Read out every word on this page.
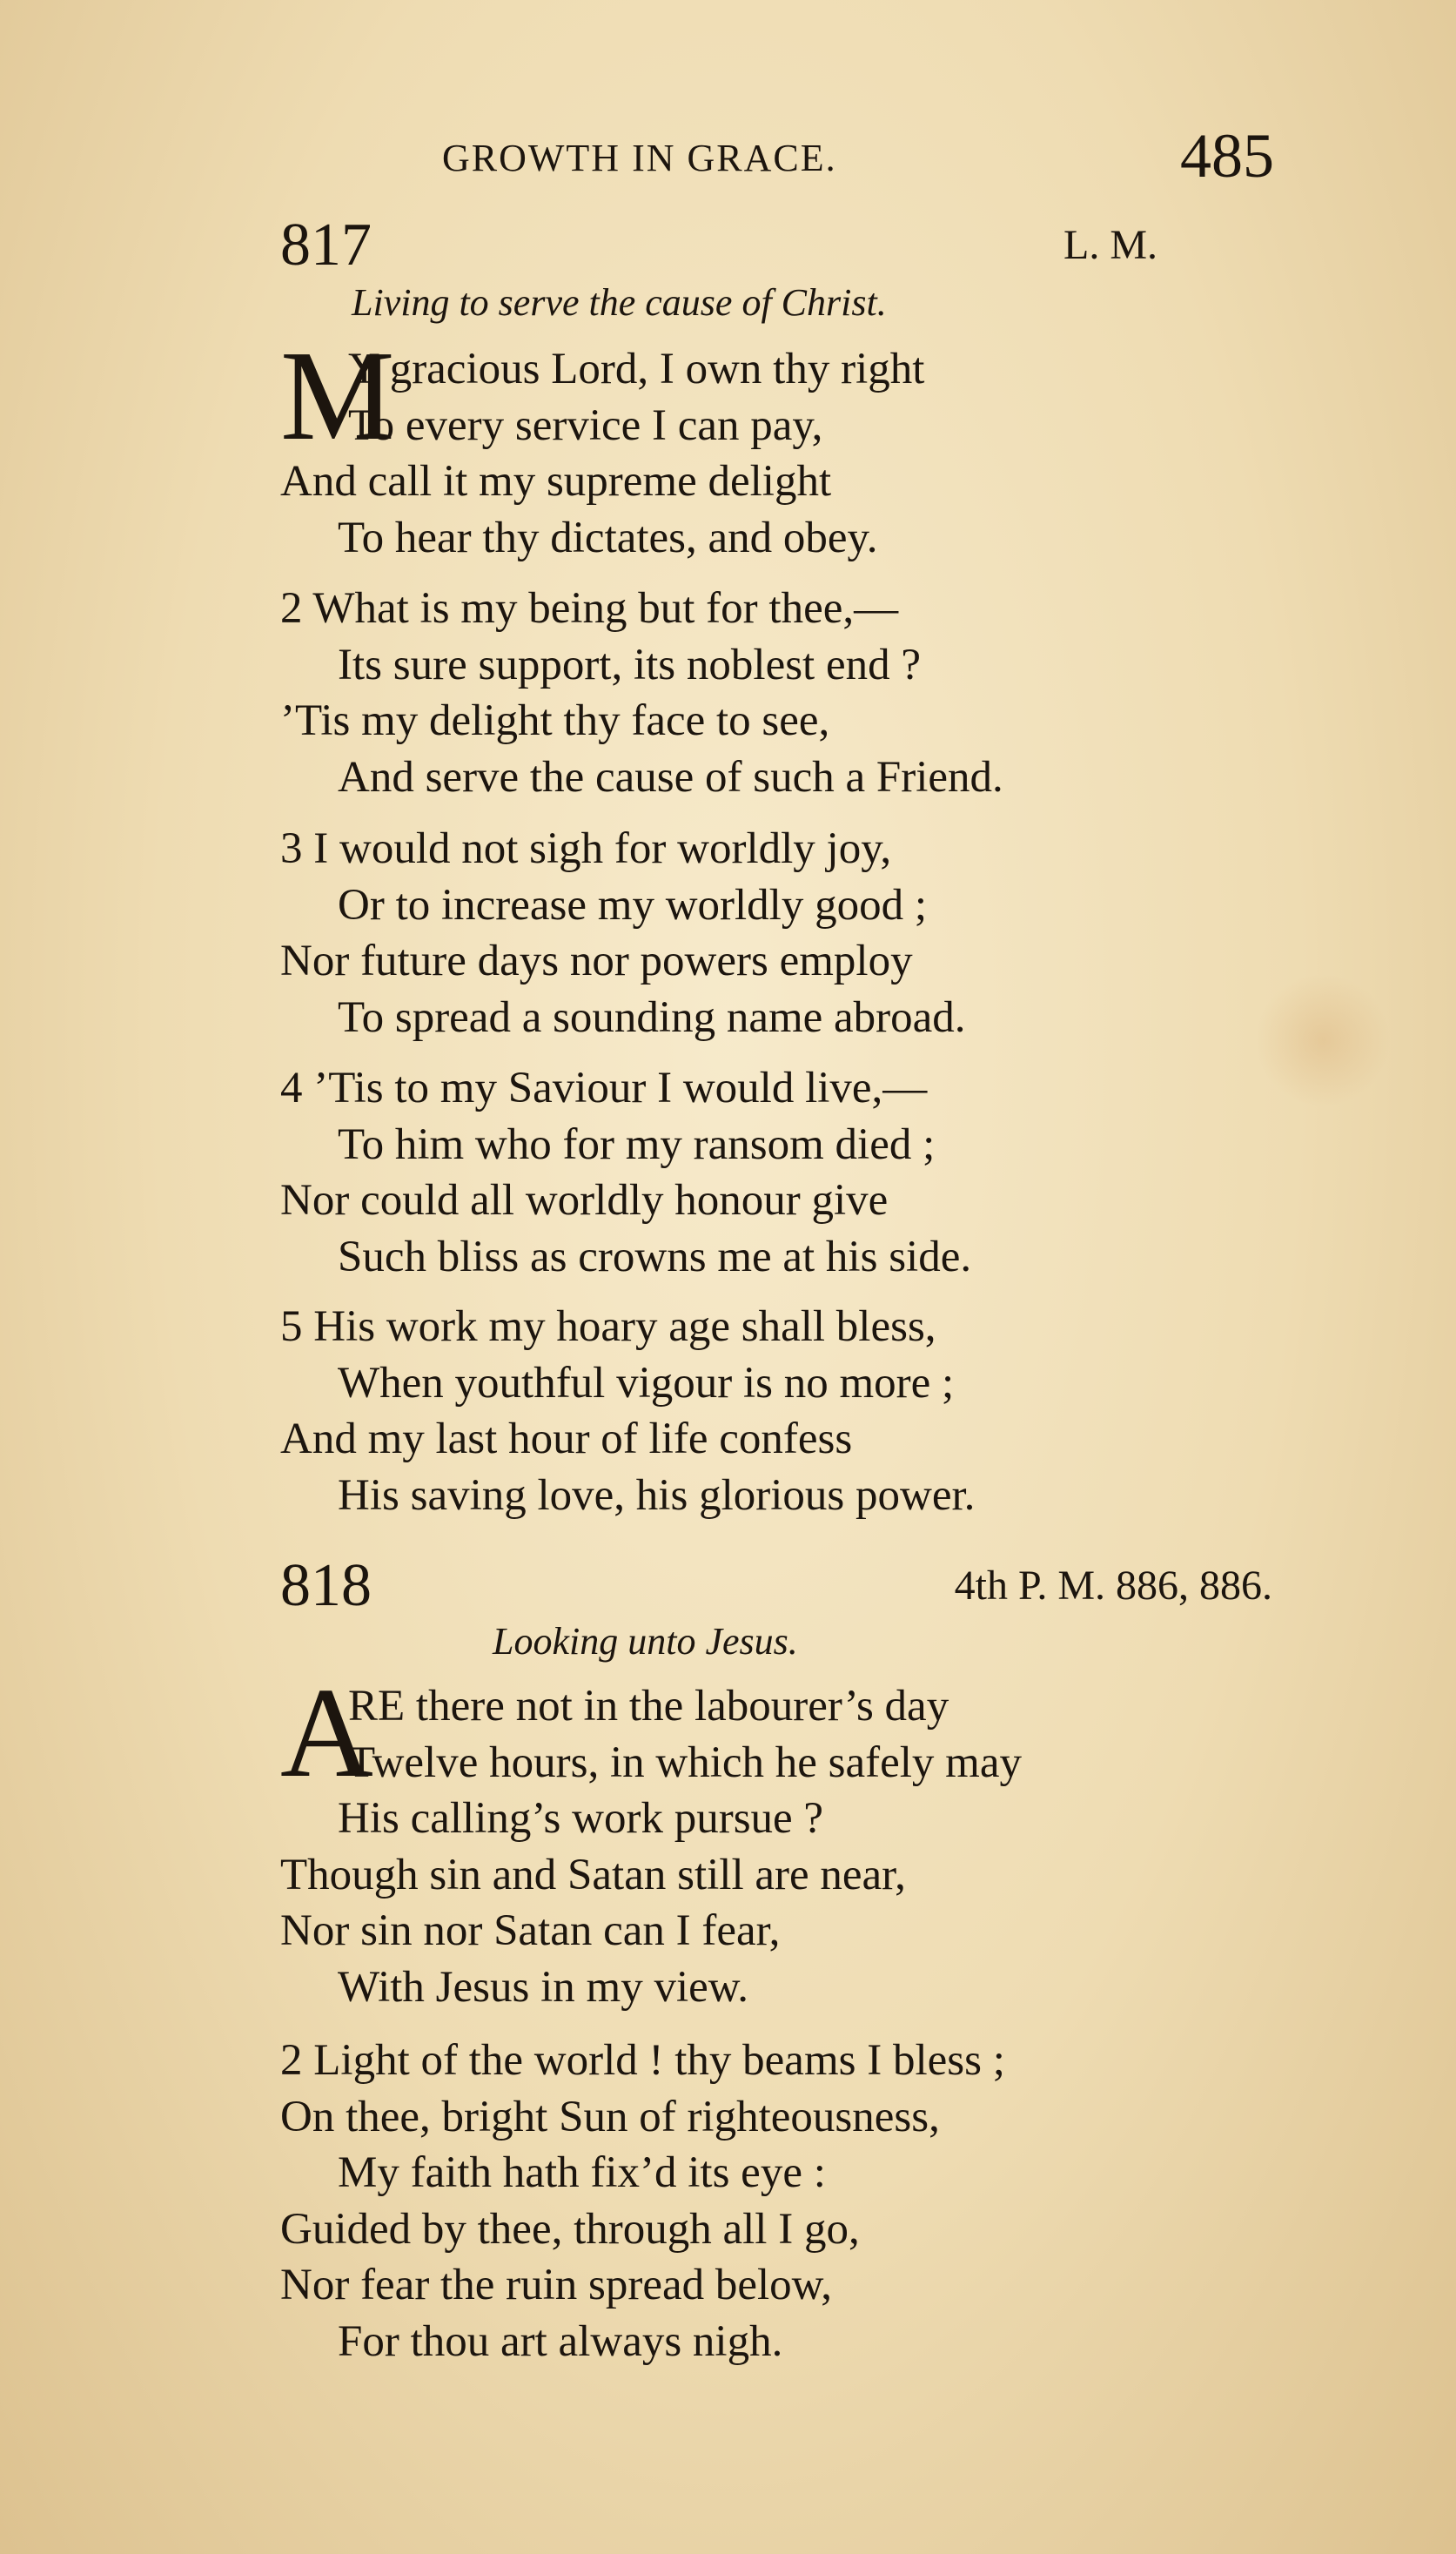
GROWTH IN GRACE.	485
817	L. M.
Living to serve the cause of Christ.
M
Y gracious Lord, I own thy right
To every service I can pay,
And call it my supreme delight
To hear thy dictates, and obey.
2 What is my being but for thee,—
Its sure support, its noblest end ?
’Tis my delight thy face to see,
And serve the cause of such a Friend.
3 I would not sigh for worldly joy,
Or to increase my worldly good ;
Nor future days nor powers employ
To spread a sounding name abroad.
4 ’Tis to my Saviour I would live,—
To him who for my ransom died ;
Nor could all worldly honour give
Such bliss as crowns me at his side.
5 His work my hoary age shall bless,
When youthful vigour is no more ;
And my last hour of life confess
His saving love, his glorious power.
818	4th P. M. 886, 886.
Looking unto Jesus.
A
RE there not in the labourer’s day
Twelve hours, in which he safely may
His calling’s work pursue ?
Though sin and Satan still are near,
Nor sin nor Satan can I fear,
With Jesus in my view.
2 Light of the world ! thy beams I bless ;
On thee, bright Sun of righteousness,
My faith hath fix’d its eye :
Guided by thee, through all I go,
Nor fear the ruin spread below,
For thou art always nigh.
